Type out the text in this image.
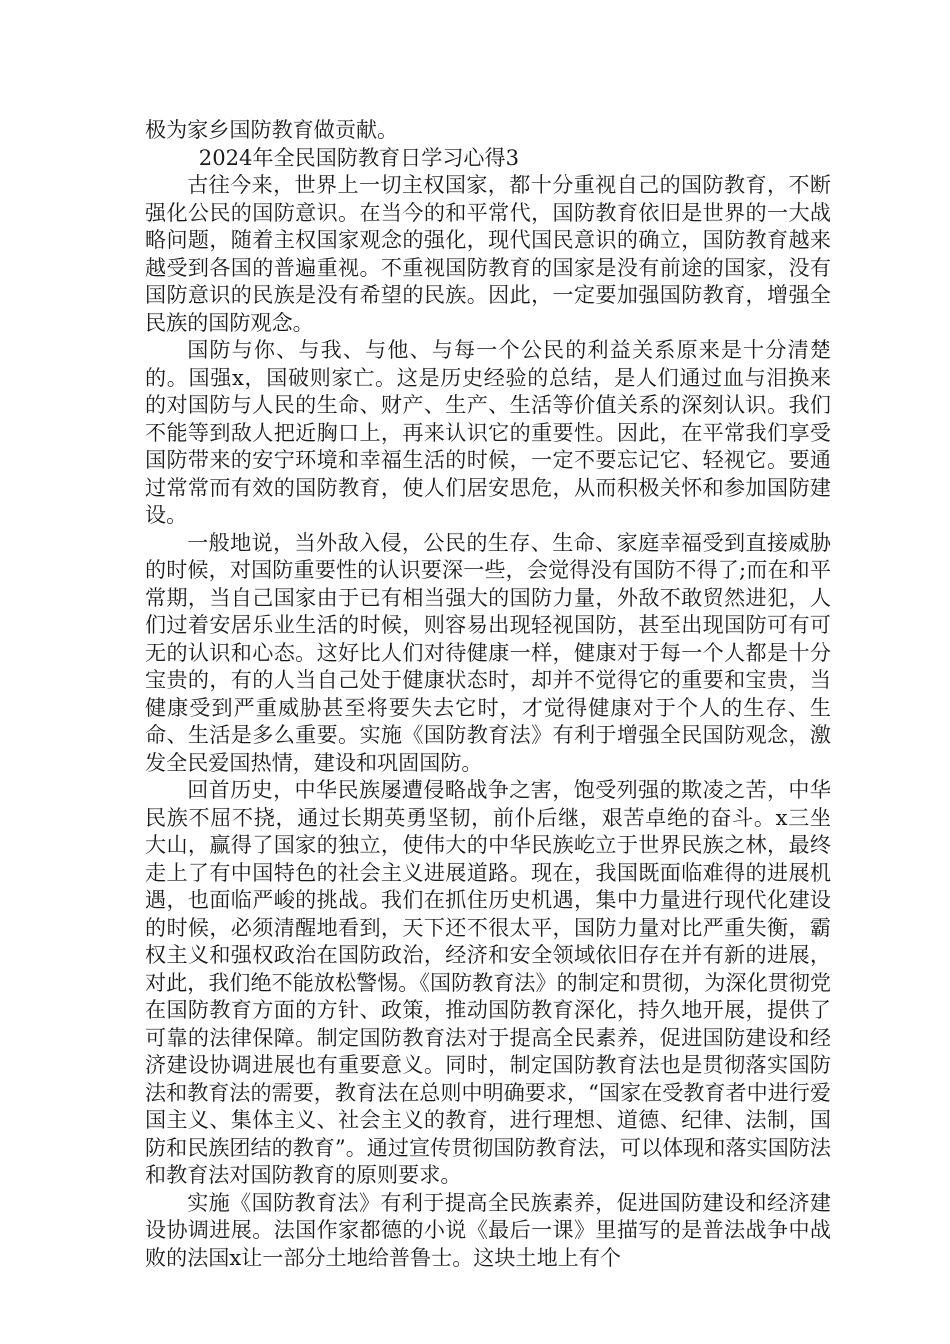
极为家乡国防教育做贡献。

2024年全民国防教育日学习心得3

古往今来，世界上一切主权国家，都十分重视自己的国防教育，不断强化公民的国防意识。在当今的和平常代，国防教育依旧是世界的一大战略问题，随着主权国家观念的强化，现代国民意识的确立，国防教育越来越受到各国的普遍重视。不重视国防教育的国家是没有前途的国家，没有国防意识的民族是没有希望的民族。因此，一定要加强国防教育，增强全民族的国防观念。

国防与你、与我、与他、与每一个公民的利益关系原来是十分清楚的。国强x，国破则家亡。这是历史经验的总结，是人们通过血与泪换来的对国防与人民的生命、财产、生产、生活等价值关系的深刻认识。我们不能等到敌人把近胸口上，再来认识它的重要性。因此，在平常我们享受国防带来的安宁环境和幸福生活的时候，一定不要忘记它、轻视它。要通过常常而有效的国防教育，使人们居安思危，从而积极关怀和参加国防建设。

一般地说，当外敌入侵，公民的生存、生命、家庭幸福受到直接威胁的时候，对国防重要性的认识要深一些，会觉得没有国防不得了;而在和平常期，当自己国家由于已有相当强大的国防力量，外敌不敢贸然进犯，人们过着安居乐业生活的时候，则容易出现轻视国防，甚至出现国防可有可无的认识和心态。这好比人们对待健康一样，健康对于每一个人都是十分宝贵的，有的人当自己处于健康状态时，却并不觉得它的重要和宝贵，当健康受到严重威胁甚至将要失去它时，才觉得健康对于个人的生存、生命、生活是多么重要。实施《国防教育法》有利于增强全民国防观念，激发全民爱国热情，建设和巩固国防。

回首历史，中华民族屡遭侵略战争之害，饱受列强的欺凌之苦，中华民族不屈不挠，通过长期英勇坚韧，前仆后继，艰苦卓绝的奋斗。x三坐大山，赢得了国家的独立，使伟大的中华民族屹立于世界民族之林，最终走上了有中国特色的社会主义进展道路。现在，我国既面临难得的进展机遇，也面临严峻的挑战。我们在抓住历史机遇，集中力量进行现代化建设的时候，必须清醒地看到，天下还不很太平，国防力量对比严重失衡，霸权主义和强权政治在国防政治，经济和安全领域依旧存在并有新的进展，对此，我们绝不能放松警惕。《国防教育法》的制定和贯彻，为深化贯彻党在国防教育方面的方针、政策，推动国防教育深化，持久地开展，提供了可靠的法律保障。制定国防教育法对于提高全民素养，促进国防建设和经济建设协调进展也有重要意义。同时，制定国防教育法也是贯彻落实国防法和教育法的需要，教育法在总则中明确要求，“国家在受教育者中进行爱国主义、集体主义、社会主义的教育，进行理想、道德、纪律、法制，国防和民族团结的教育”。通过宣传贯彻国防教育法，可以体现和落实国防法和教育法对国防教育的原则要求。

实施《国防教育法》有利于提高全民族素养，促进国防建设和经济建设协调进展。法国作家都德的小说《最后一课》里描写的是普法战争中战败的法国x让一部分土地给普鲁士。这块土地上有个
